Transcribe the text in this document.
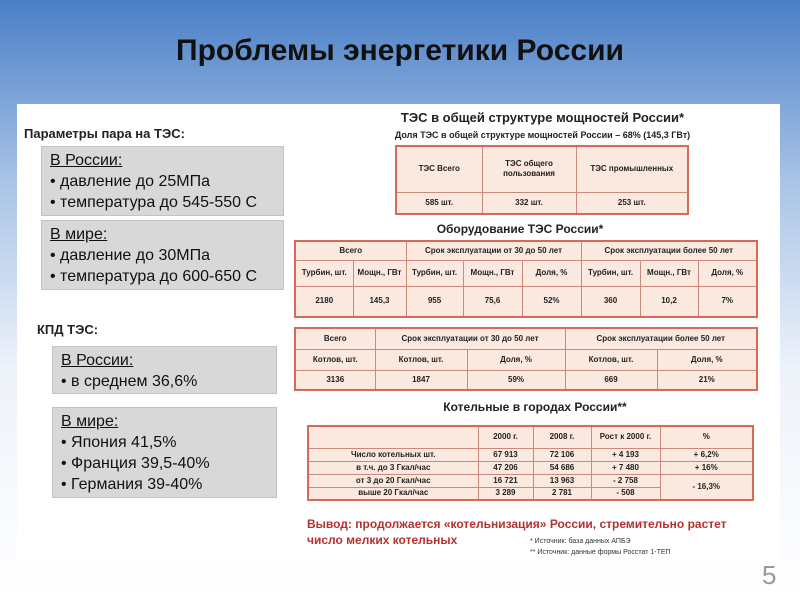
Проблемы энергетики России
Параметры пара на ТЭС:
В России:
• давление до 25МПа
• температура до 545-550 С
В мире:
• давление до 30МПа
• температура до 600-650 С
КПД ТЭС:
В России:
• в среднем 36,6%
В мире:
• Япония 41,5%
• Франция 39,5-40%
• Германия 39-40%
ТЭС в общей структуре мощностей России*
Доля ТЭС в общей структуре мощностей России – 68% (145,3 ГВт)
ТЭС Всего	ТЭС общего пользования	ТЭС промышленных
585 шт.	332 шт.	253 шт.
Оборудование ТЭС России*
Всего		Срок эксплуатации от 30 до 50 лет			Срок эксплуатации более 50 лет		
Турбин, шт.	Мощн., ГВт	Турбин, шт.	Мощн., ГВт	Доля, %	Турбин, шт.	Мощн., ГВт	Доля, %
2180	145,3	955	75,6	52%	360	10,2	7%
Всего	Срок эксплуатации от 30 до 50 лет		Срок эксплуатации более 50 лет	
Котлов, шт.	Котлов, шт.	Доля, %	Котлов, шт.	Доля, %
3136	1847	59%	669	21%
Котельные в городах России**
	2000 г.	2008 г.	Рост к 2000 г.	%
Число котельных шт.	67 913	72 106	+ 4 193	+ 6,2%
в т.ч. до 3 Гкал/час	47 206	54 686	+ 7 480	+ 16%
от 3 до 20 Гкал/час	16 721	13 963	- 2 758	- 16,3%
выше 20 Гкал/час	3 289	2 781	- 508	
Вывод: продолжается «котельнизация» России, стремительно растет число мелких котельных	* Источник: база данных АПБЭ
** Источник: данные формы Росстат 1-ТЕП
5
